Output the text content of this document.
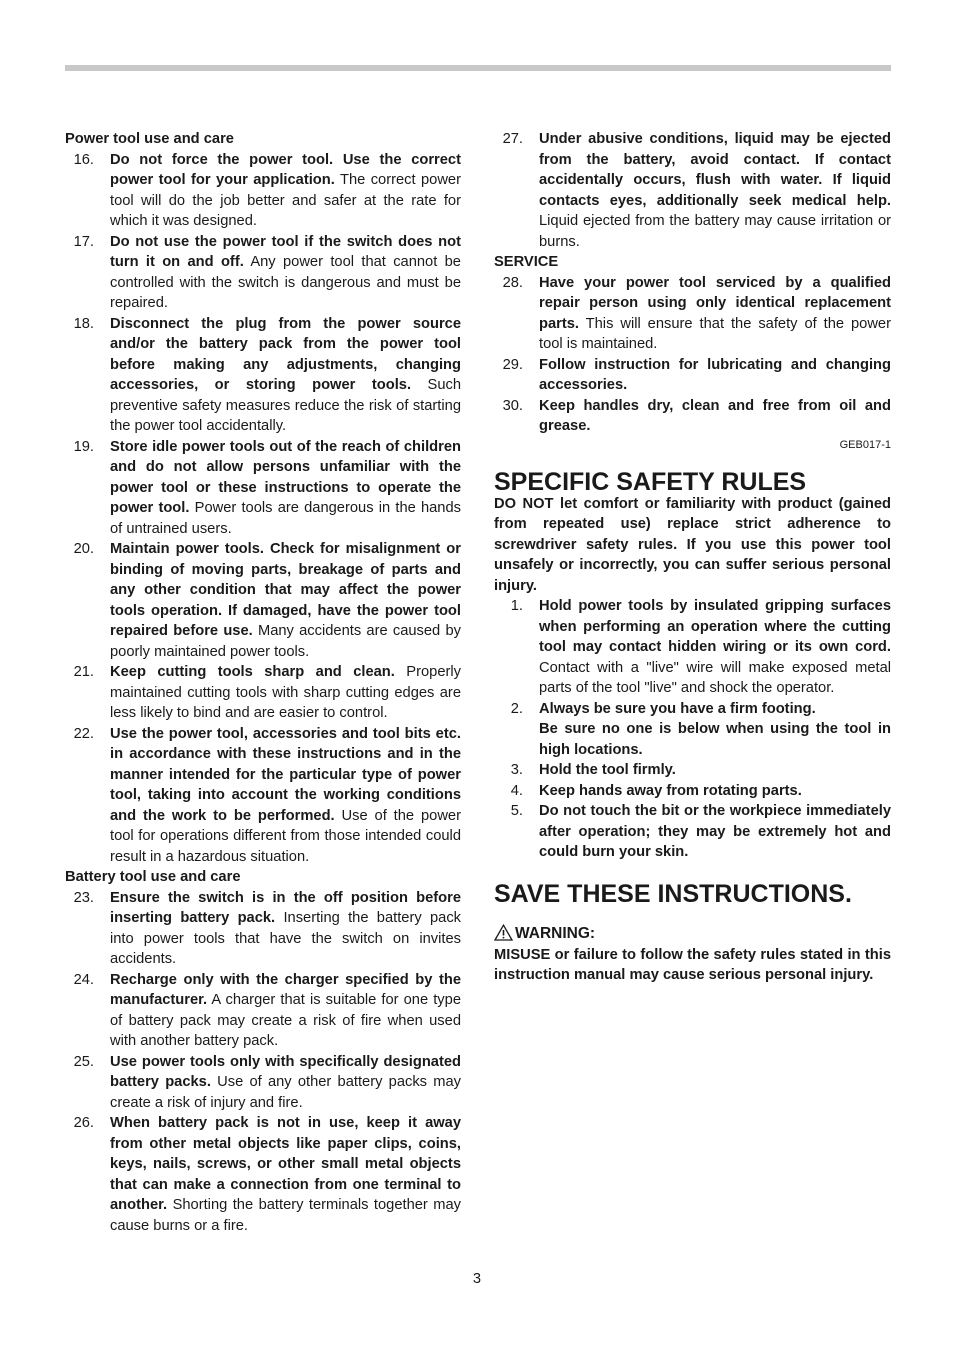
Power tool use and care
16.	Do not force the power tool. Use the correct power tool for your application. The correct power tool will do the job better and safer at the rate for which it was designed.
17.	Do not use the power tool if the switch does not turn it on and off. Any power tool that cannot be controlled with the switch is dangerous and must be repaired.
18.	Disconnect the plug from the power source and/or the battery pack from the power tool before making any adjustments, changing accessories, or storing power tools. Such preventive safety measures reduce the risk of starting the power tool accidentally.
19.	Store idle power tools out of the reach of children and do not allow persons unfamiliar with the power tool or these instructions to operate the power tool. Power tools are dangerous in the hands of untrained users.
20.	Maintain power tools. Check for misalignment or binding of moving parts, breakage of parts and any other condition that may affect the power tools operation. If damaged, have the power tool repaired before use. Many accidents are caused by poorly maintained power tools.
21.	Keep cutting tools sharp and clean. Properly maintained cutting tools with sharp cutting edges are less likely to bind and are easier to control.
22.	Use the power tool, accessories and tool bits etc. in accordance with these instructions and in the manner intended for the particular type of power tool, taking into account the working conditions and the work to be performed. Use of the power tool for operations different from those intended could result in a hazardous situation.
Battery tool use and care
23.	Ensure the switch is in the off position before inserting battery pack. Inserting the battery pack into power tools that have the switch on invites accidents.
24.	Recharge only with the charger specified by the manufacturer. A charger that is suitable for one type of battery pack may create a risk of fire when used with another battery pack.
25.	Use power tools only with specifically designated battery packs. Use of any other battery packs may create a risk of injury and fire.
26.	When battery pack is not in use, keep it away from other metal objects like paper clips, coins, keys, nails, screws, or other small metal objects that can make a connection from one terminal to another. Shorting the battery terminals together may cause burns or a fire.
27.	Under abusive conditions, liquid may be ejected from the battery, avoid contact. If contact accidentally occurs, flush with water. If liquid contacts eyes, additionally seek medical help. Liquid ejected from the battery may cause irritation or burns.
SERVICE
28.	Have your power tool serviced by a qualified repair person using only identical replacement parts. This will ensure that the safety of the power tool is maintained.
29.	Follow instruction for lubricating and changing accessories.
30.	Keep handles dry, clean and free from oil and grease.
GEB017-1
SPECIFIC SAFETY RULES
DO NOT let comfort or familiarity with product (gained from repeated use) replace strict adherence to screwdriver safety rules. If you use this power tool unsafely or incorrectly, you can suffer serious personal injury.
1.	Hold power tools by insulated gripping surfaces when performing an operation where the cutting tool may contact hidden wiring or its own cord. Contact with a "live" wire will make exposed metal parts of the tool "live" and shock the operator.
2.	Always be sure you have a firm footing.
Be sure no one is below when using the tool in high locations.
3.	Hold the tool firmly.
4.	Keep hands away from rotating parts.
5.	Do not touch the bit or the workpiece immediately after operation; they may be extremely hot and could burn your skin.
SAVE THESE INSTRUCTIONS.
WARNING:
MISUSE or failure to follow the safety rules stated in this instruction manual may cause serious personal injury.
3
